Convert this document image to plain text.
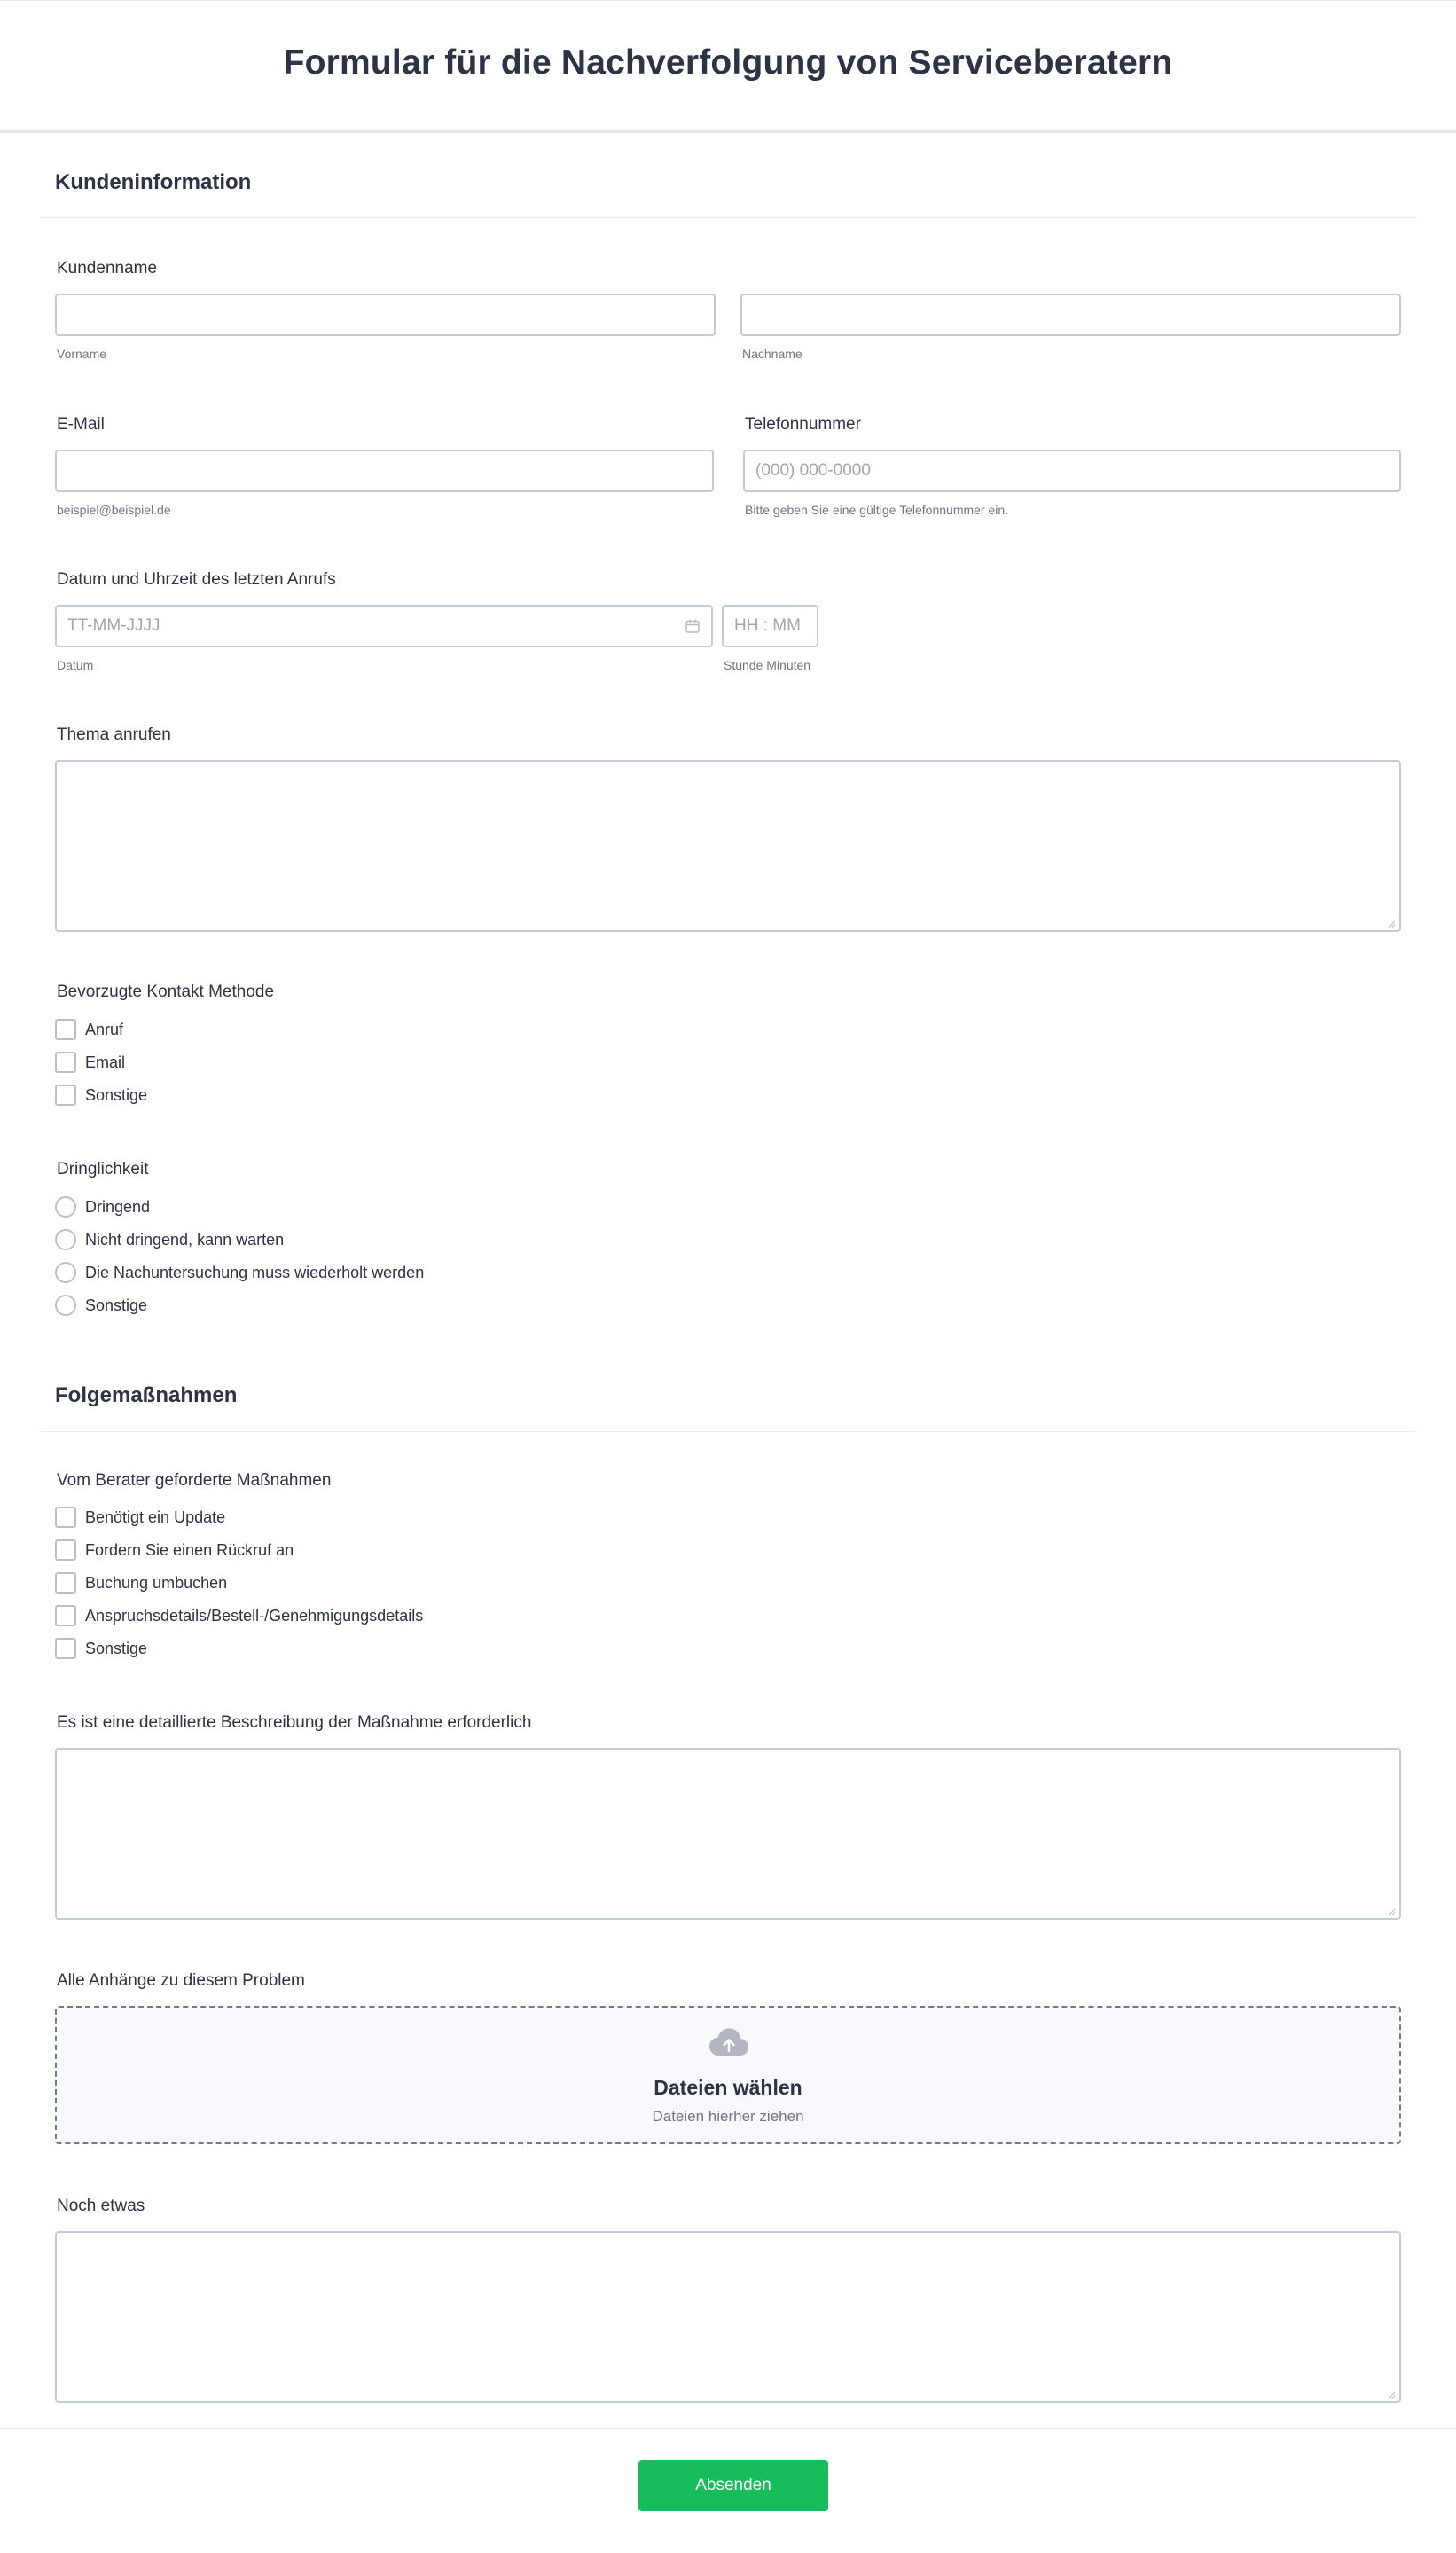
Formular für die Nachverfolgung von Serviceberatern
Kundeninformation
Kundenname
Vorname	Nachname
E-Mail
beispiel@beispiel.de
Telefonnummer
(000) 000-0000
Bitte geben Sie eine gültige Telefonnummer ein.
Datum und Uhrzeit des letzten Anrufs
TT-MM-JJJJ
HH : MM
Datum	Stunde Minuten
Thema anrufen
Bevorzugte Kontakt Methode
Anruf
Email
Sonstige
Dringlichkeit
Dringend
Nicht dringend, kann warten
Die Nachuntersuchung muss wiederholt werden
Sonstige
Folgemaßnahmen
Vom Berater geforderte Maßnahmen
Benötigt ein Update
Fordern Sie einen Rückruf an
Buchung umbuchen
Anspruchsdetails/Bestell-/Genehmigungsdetails
Sonstige
Es ist eine detaillierte Beschreibung der Maßnahme erforderlich
Alle Anhänge zu diesem Problem
Dateien wählen
Dateien hierher ziehen
Noch etwas
Absenden
